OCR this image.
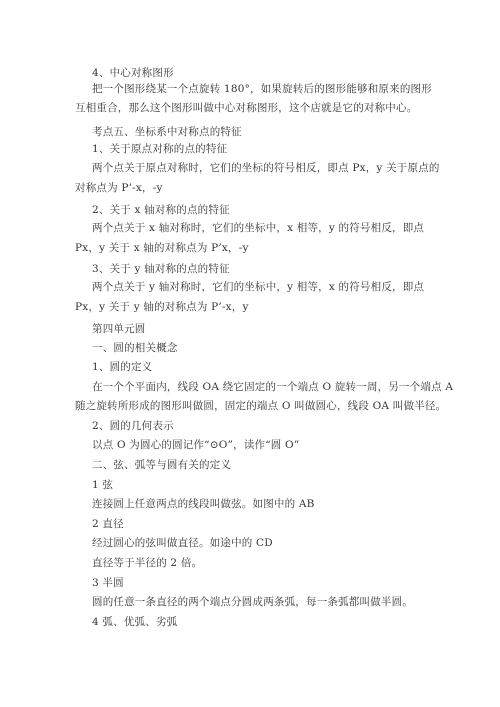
4、中心对称图形
把一个图形绕某一个点旋转 180°，如果旋转后的图形能够和原来的图形
互相重合，那么这个图形叫做中心对称图形，这个店就是它的对称中心。
考点五、坐标系中对称点的特征
1、关于原点对称的点的特征
两个点关于原点对称时，它们的坐标的符号相反，即点 Px，y 关于原点的
对称点为 P’-x，-y
2、关于 x 轴对称的点的特征
两个点关于 x 轴对称时，它们的坐标中，x 相等，y 的符号相反，即点
Px，y 关于 x 轴的对称点为 P’x，-y
3、关于 y 轴对称的点的特征
两个点关于 y 轴对称时，它们的坐标中，y 相等，x 的符号相反，即点
Px，y 关于 y 轴的对称点为 P’-x，y
第四单元圆
一、圆的相关概念
1、圆的定义
在一个个平面内，线段 OA 绕它固定的一个端点 O 旋转一周，另一个端点 A
随之旋转所形成的图形叫做圆，固定的端点 O 叫做圆心，线段 OA 叫做半径。
2、圆的几何表示
以点 O 为圆心的圆记作“⊙O”，读作“圆 O”
二、弦、弧等与圆有关的定义
1 弦
连接圆上任意两点的线段叫做弦。如图中的 AB
2 直径
经过圆心的弦叫做直径。如途中的 CD
直径等于半径的 2 倍。
3 半圆
圆的任意一条直径的两个端点分圆成两条弧，每一条弧都叫做半圆。
4 弧、优弧、劣弧
